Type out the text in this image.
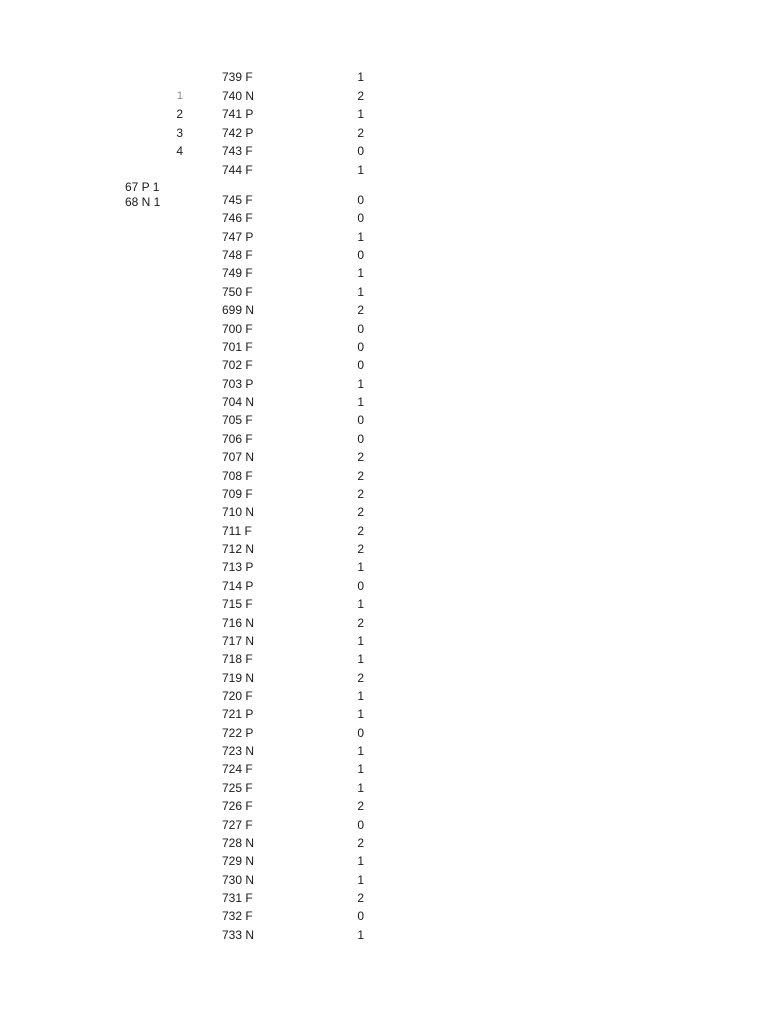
739 F	1
1	740 N	2
2	741 P	1
3	742 P	2
4	743 F	0
744 F	1
67 P 1
68 N 1	745 F	0
746 F	0
747 P	1
748 F	0
749 F	1
750 F	1
699 N	2
700 F	0
701 F	0
702 F	0
703 P	1
704 N	1
705 F	0
706 F	0
707 N	2
708 F	2
709 F	2
710 N	2
711 F	2
712 N	2
713 P	1
714 P	0
715 F	1
716 N	2
717 N	1
718 F	1
719 N	2
720 F	1
721 P	1
722 P	0
723 N	1
724 F	1
725 F	1
726 F	2
727 F	0
728 N	2
729 N	1
730 N	1
731 F	2
732 F	0
733 N	1
